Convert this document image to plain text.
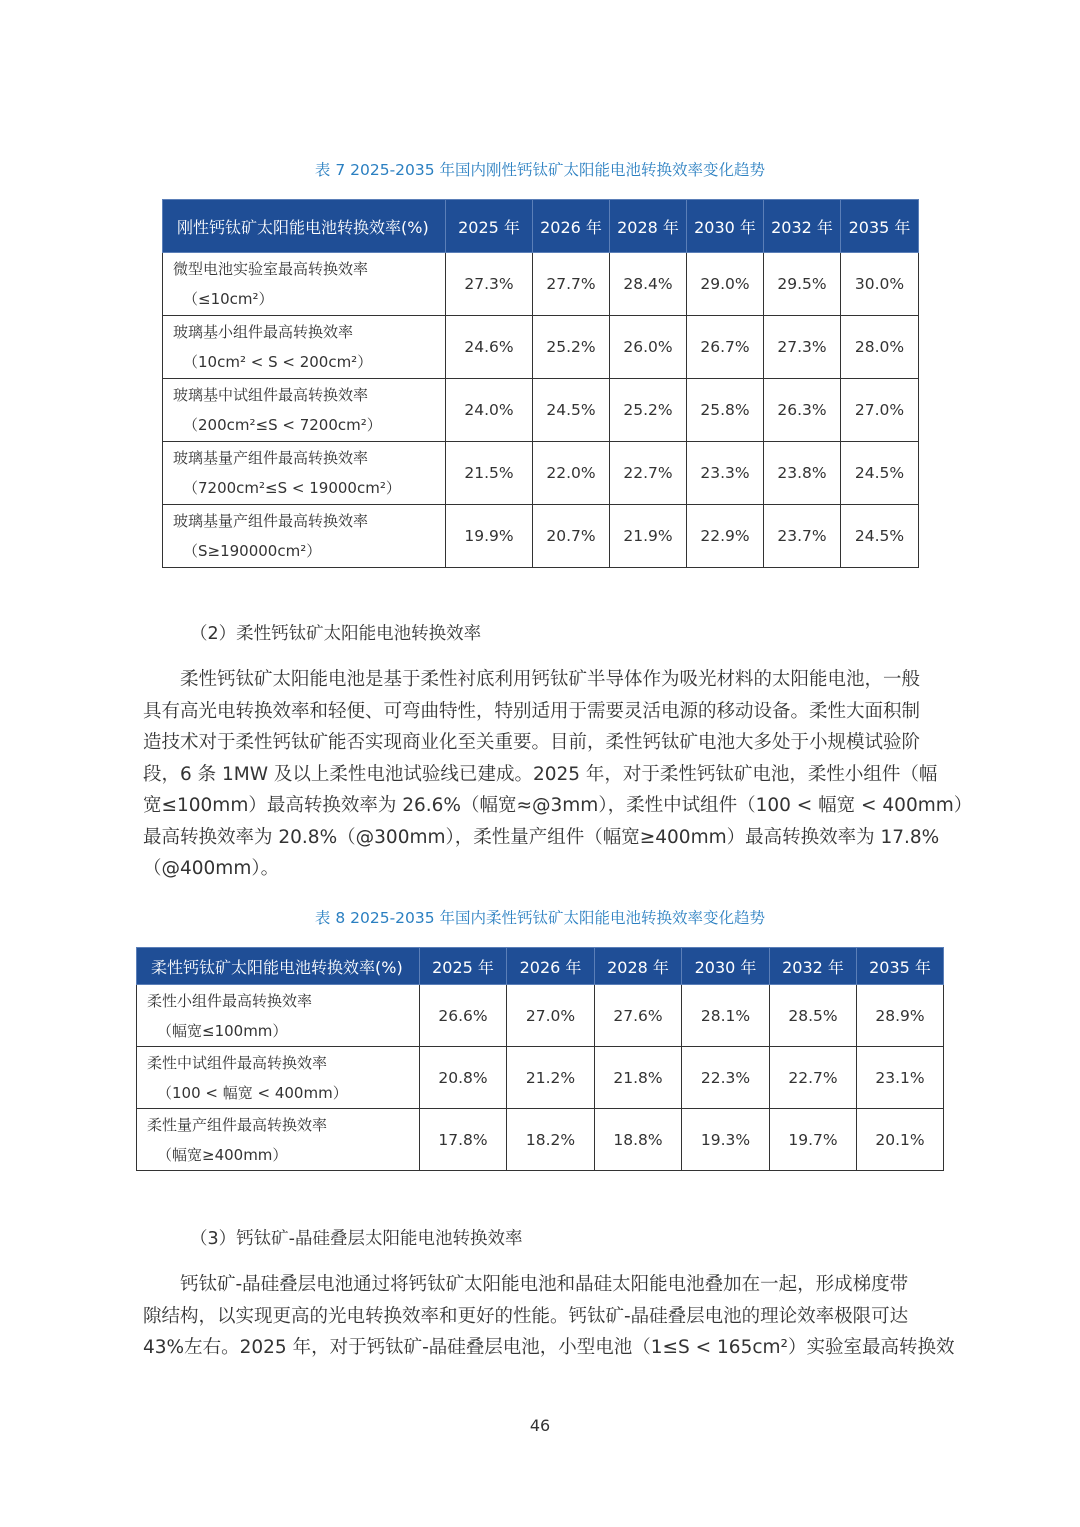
表 7 2025-2035 年国内刚性钙钛矿太阳能电池转换效率变化趋势
刚性钙钛矿太阳能电池转换效率(%)	2025 年	2026 年	2028 年	2030 年	2032 年	2035 年
微型电池实验室最高转换效率
（≤10cm²）	27.3%	27.7%	28.4%	29.0%	29.5%	30.0%
玻璃基小组件最高转换效率
（10cm² < S < 200cm²）	24.6%	25.2%	26.0%	26.7%	27.3%	28.0%
玻璃基中试组件最高转换效率
（200cm²≤S < 7200cm²）	24.0%	24.5%	25.2%	25.8%	26.3%	27.0%
玻璃基量产组件最高转换效率
（7200cm²≤S < 19000cm²）	21.5%	22.0%	22.7%	23.3%	23.8%	24.5%
玻璃基量产组件最高转换效率
（S≥190000cm²）	19.9%	20.7%	21.9%	22.9%	23.7%	24.5%
（2）柔性钙钛矿太阳能电池转换效率
柔性钙钛矿太阳能电池是基于柔性衬底利用钙钛矿半导体作为吸光材料的太阳能电池，一般
具有高光电转换效率和轻便、可弯曲特性，特别适用于需要灵活电源的移动设备。柔性大面积制
造技术对于柔性钙钛矿能否实现商业化至关重要。目前，柔性钙钛矿电池大多处于小规模试验阶
段，6 条 1MW 及以上柔性电池试验线已建成。2025 年，对于柔性钙钛矿电池，柔性小组件（幅
宽≤100mm）最高转换效率为 26.6%（幅宽≈@3mm），柔性中试组件（100 < 幅宽 < 400mm）
最高转换效率为 20.8%（@300mm），柔性量产组件（幅宽≥400mm）最高转换效率为 17.8%
（@400mm）。
表 8 2025-2035 年国内柔性钙钛矿太阳能电池转换效率变化趋势
柔性钙钛矿太阳能电池转换效率(%)	2025 年	2026 年	2028 年	2030 年	2032 年	2035 年
柔性小组件最高转换效率
（幅宽≤100mm）	26.6%	27.0%	27.6%	28.1%	28.5%	28.9%
柔性中试组件最高转换效率
（100 < 幅宽 < 400mm）	20.8%	21.2%	21.8%	22.3%	22.7%	23.1%
柔性量产组件最高转换效率
（幅宽≥400mm）	17.8%	18.2%	18.8%	19.3%	19.7%	20.1%
（3）钙钛矿-晶硅叠层太阳能电池转换效率
钙钛矿-晶硅叠层电池通过将钙钛矿太阳能电池和晶硅太阳能电池叠加在一起，形成梯度带
隙结构，以实现更高的光电转换效率和更好的性能。钙钛矿-晶硅叠层电池的理论效率极限可达
43%左右。2025 年，对于钙钛矿-晶硅叠层电池，小型电池（1≤S < 165cm²）实验室最高转换效
46
